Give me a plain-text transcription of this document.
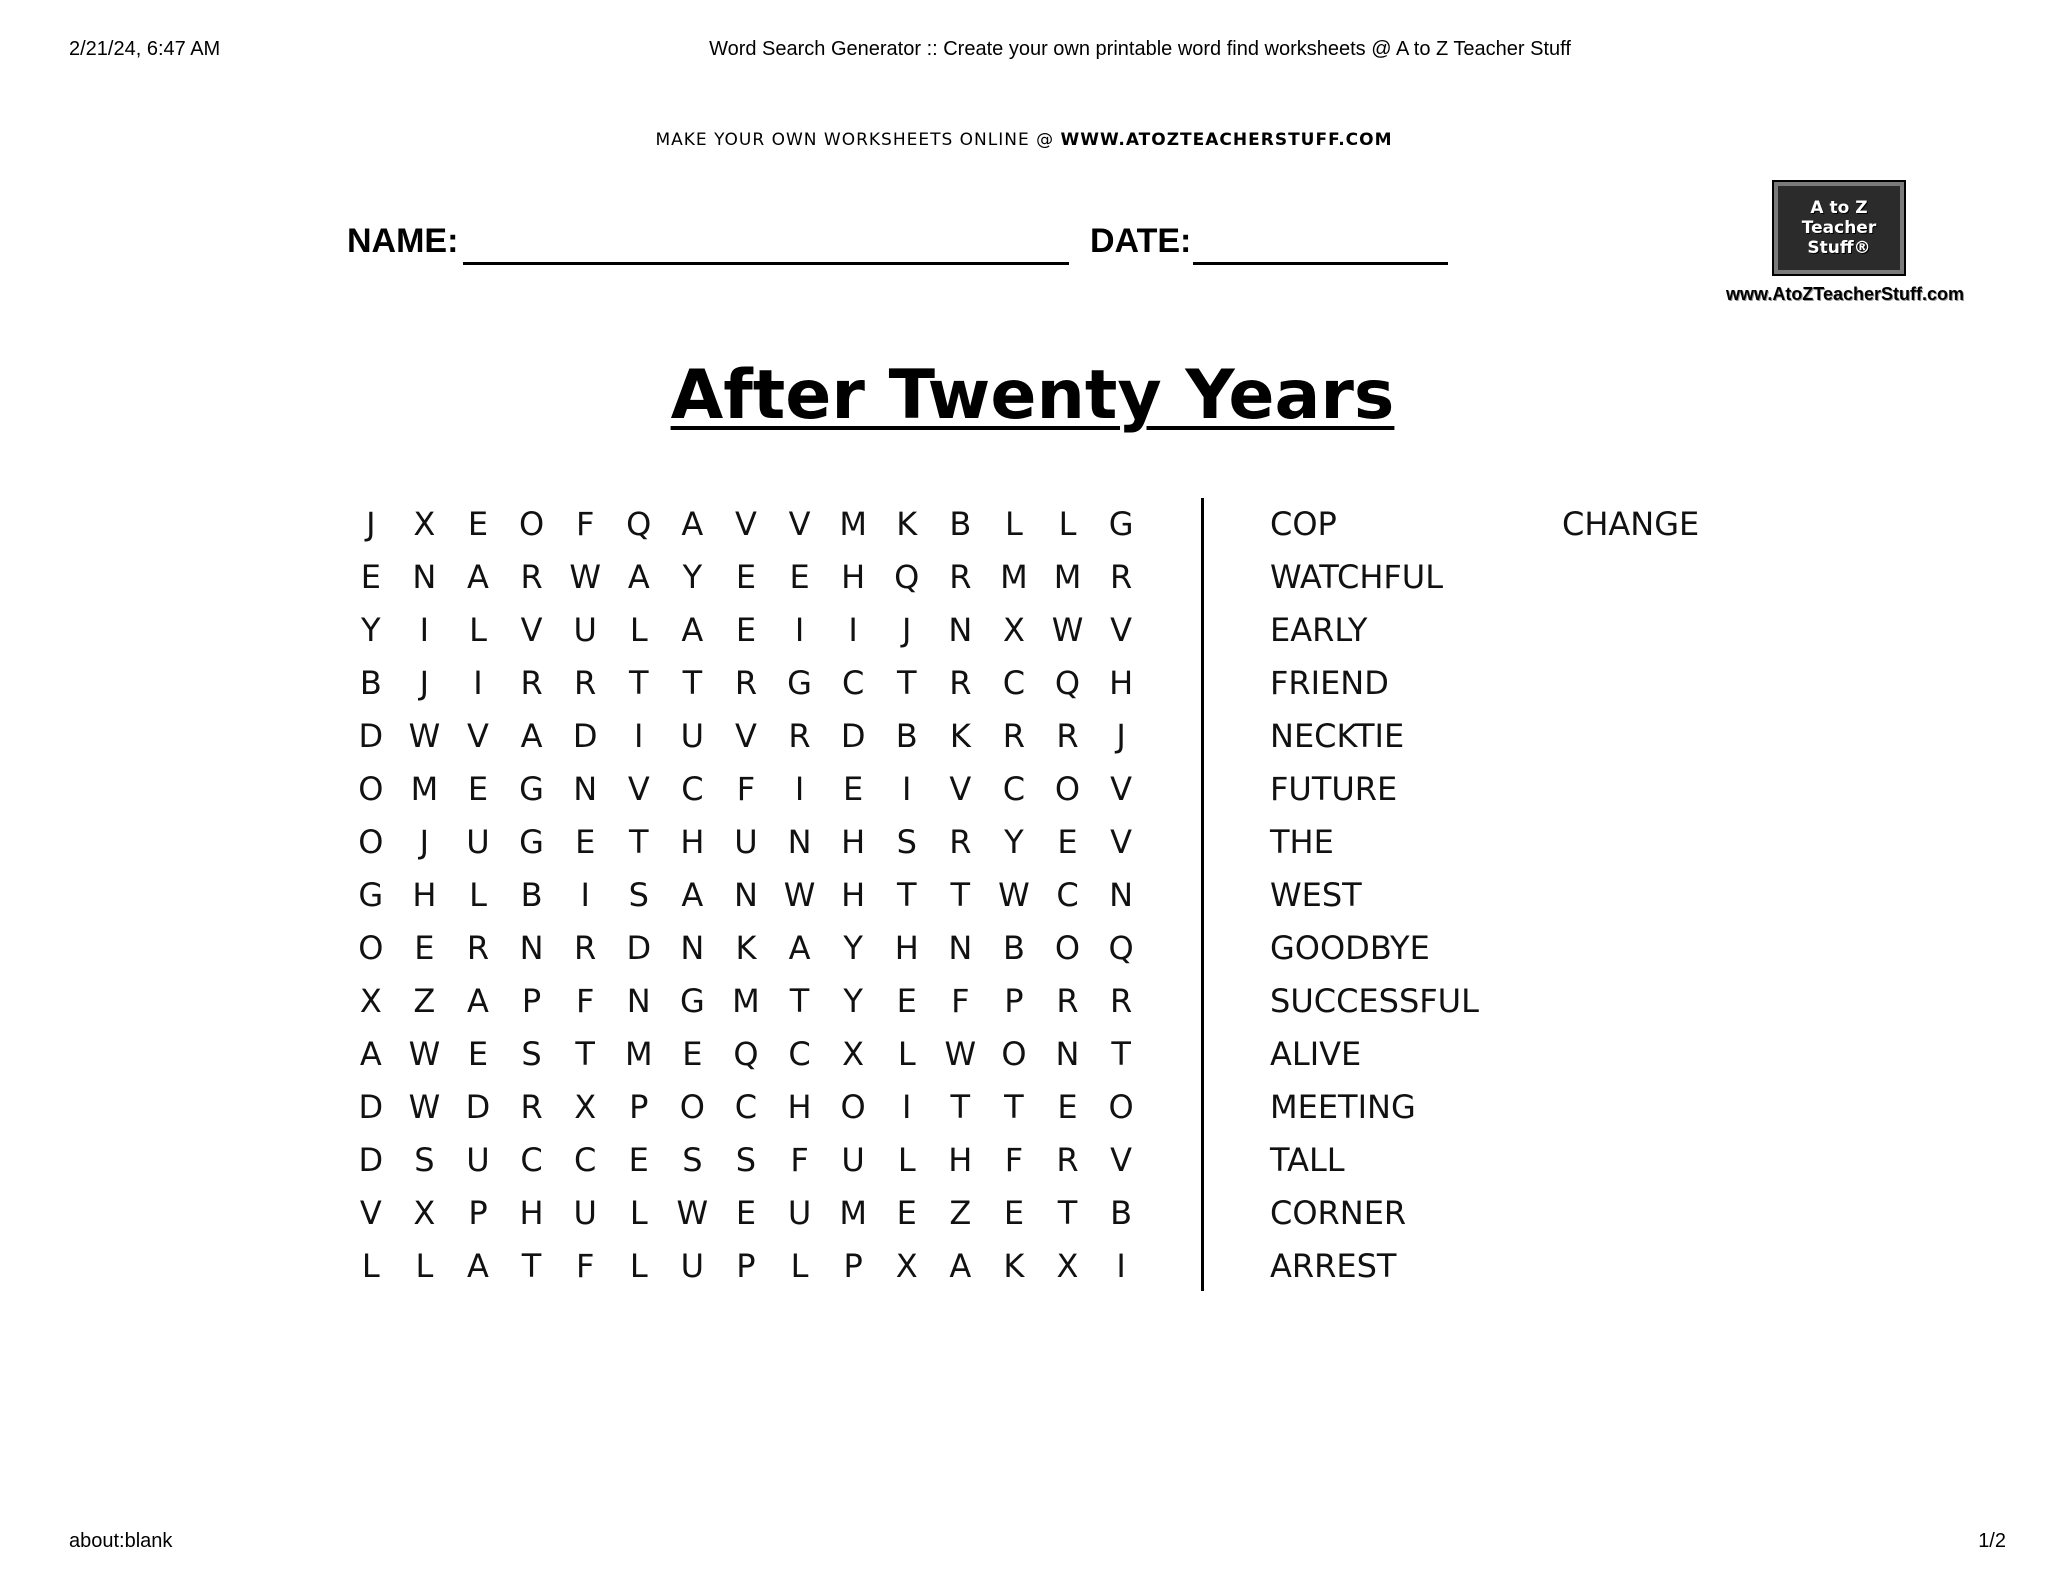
2/21/24, 6:47 AM	Word Search Generator :: Create your own printable word find worksheets @ A to Z Teacher Stuff
MAKE YOUR OWN WORKSHEETS ONLINE @ WWW.ATOZTEACHERSTUFF.COM
NAME:	DATE:
A to Z
Teacher
Stuff®
www.AtoZTeacherStuff.com
After Twenty Years
J	X	E O F Q A V V M K	B	L	L	G
E N A R W A	Y	E	E H Q R M M R
Y	I	L	V U	L	A	E	I	I	J	N X W V
B	J	I	R R	T	T	R G C	T	R C Q H
D W V A D	I	U V R D B	K R R	J
O M E G N V C	F	I	E	I	V C O V
O	J	U G E	T H U N H S	R	Y	E	V
G H	L	B	I	S	A N W H T	T W C N
O E	R N R D N K	A	Y H N B O Q
X Z A	P	F	N G M T	Y	E	F	P	R R
A W E	S	T M E Q C X	L W O N T
D W D R X	P O C H O	I	T	T	E O
D S U C C	E	S	S	F	U	L	H	F	R V
V X	P H U	L W E U M E	Z	E	T	B
L	L	A	T	F	L	U	P	L	P	X A	K	X	I
COP
WATCHFUL
EARLY
FRIEND
NECKTIE
FUTURE
THE
WEST
GOODBYE
SUCCESSFUL
ALIVE
MEETING
TALL
CORNER
ARREST
CHANGE
about:blank	1/2
